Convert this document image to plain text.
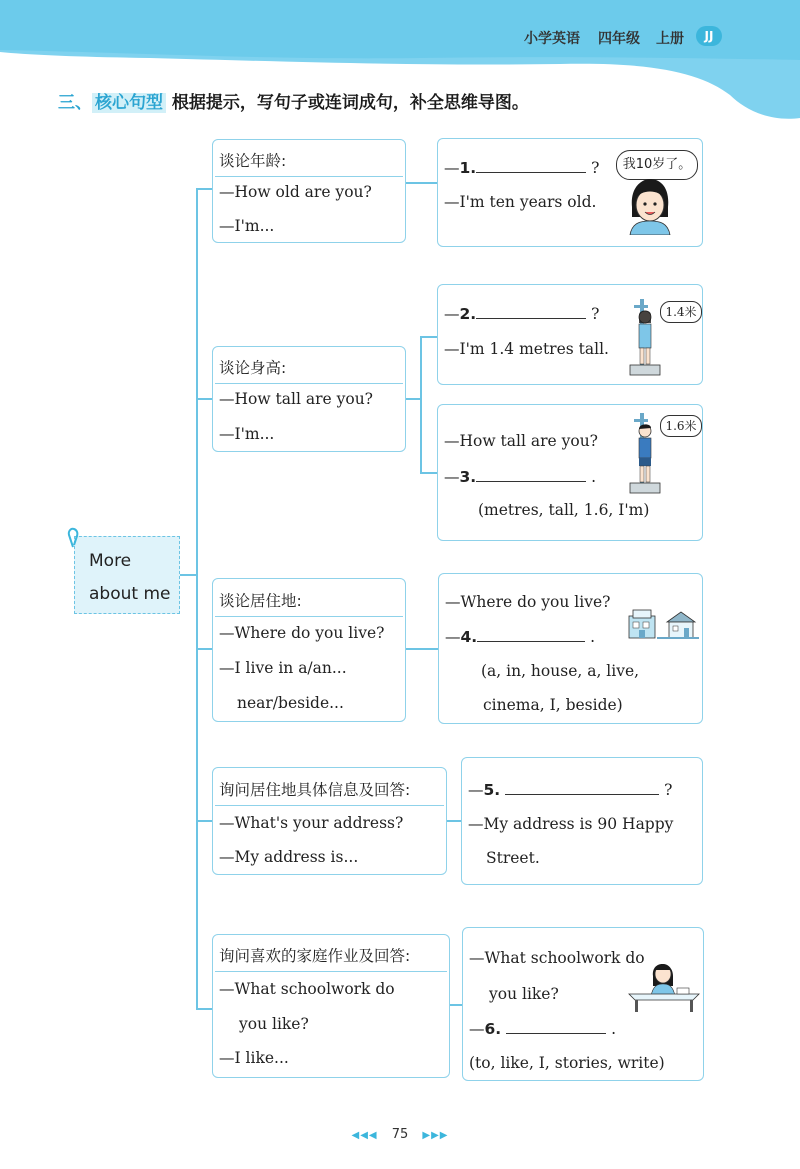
小学英语 四年级 上册	JJ
三、 核心句型 根据提示，写句子或连词成句，补全思维导图。
More
about me
谈论年龄:
—How old are you?
—I'm...
谈论身高:
—How tall are you?
—I'm...
谈论居住地:
—Where do you live?
—I live in a/an...
near/beside...
询问居住地具体信息及回答:
—What's your address?
—My address is...
询问喜欢的家庭作业及回答:
—What schoolwork do
you like?
—I like...
—1.	?
—I'm ten years old.
我10岁了。
—2.	?
—I'm 1.4 metres tall.
1.4米
—How tall are you?
—3.	.
(metres, tall, 1.6, I'm)
1.6米
—Where do you live?
—4.	.
(a, in, house, a, live,
cinema, I, beside)
—5.	?
—My address is 90 Happy
Street.
—What schoolwork do
you like?
—6.	.
(to, like, I, stories, write)
◀◀◀ 75 ▶▶▶
